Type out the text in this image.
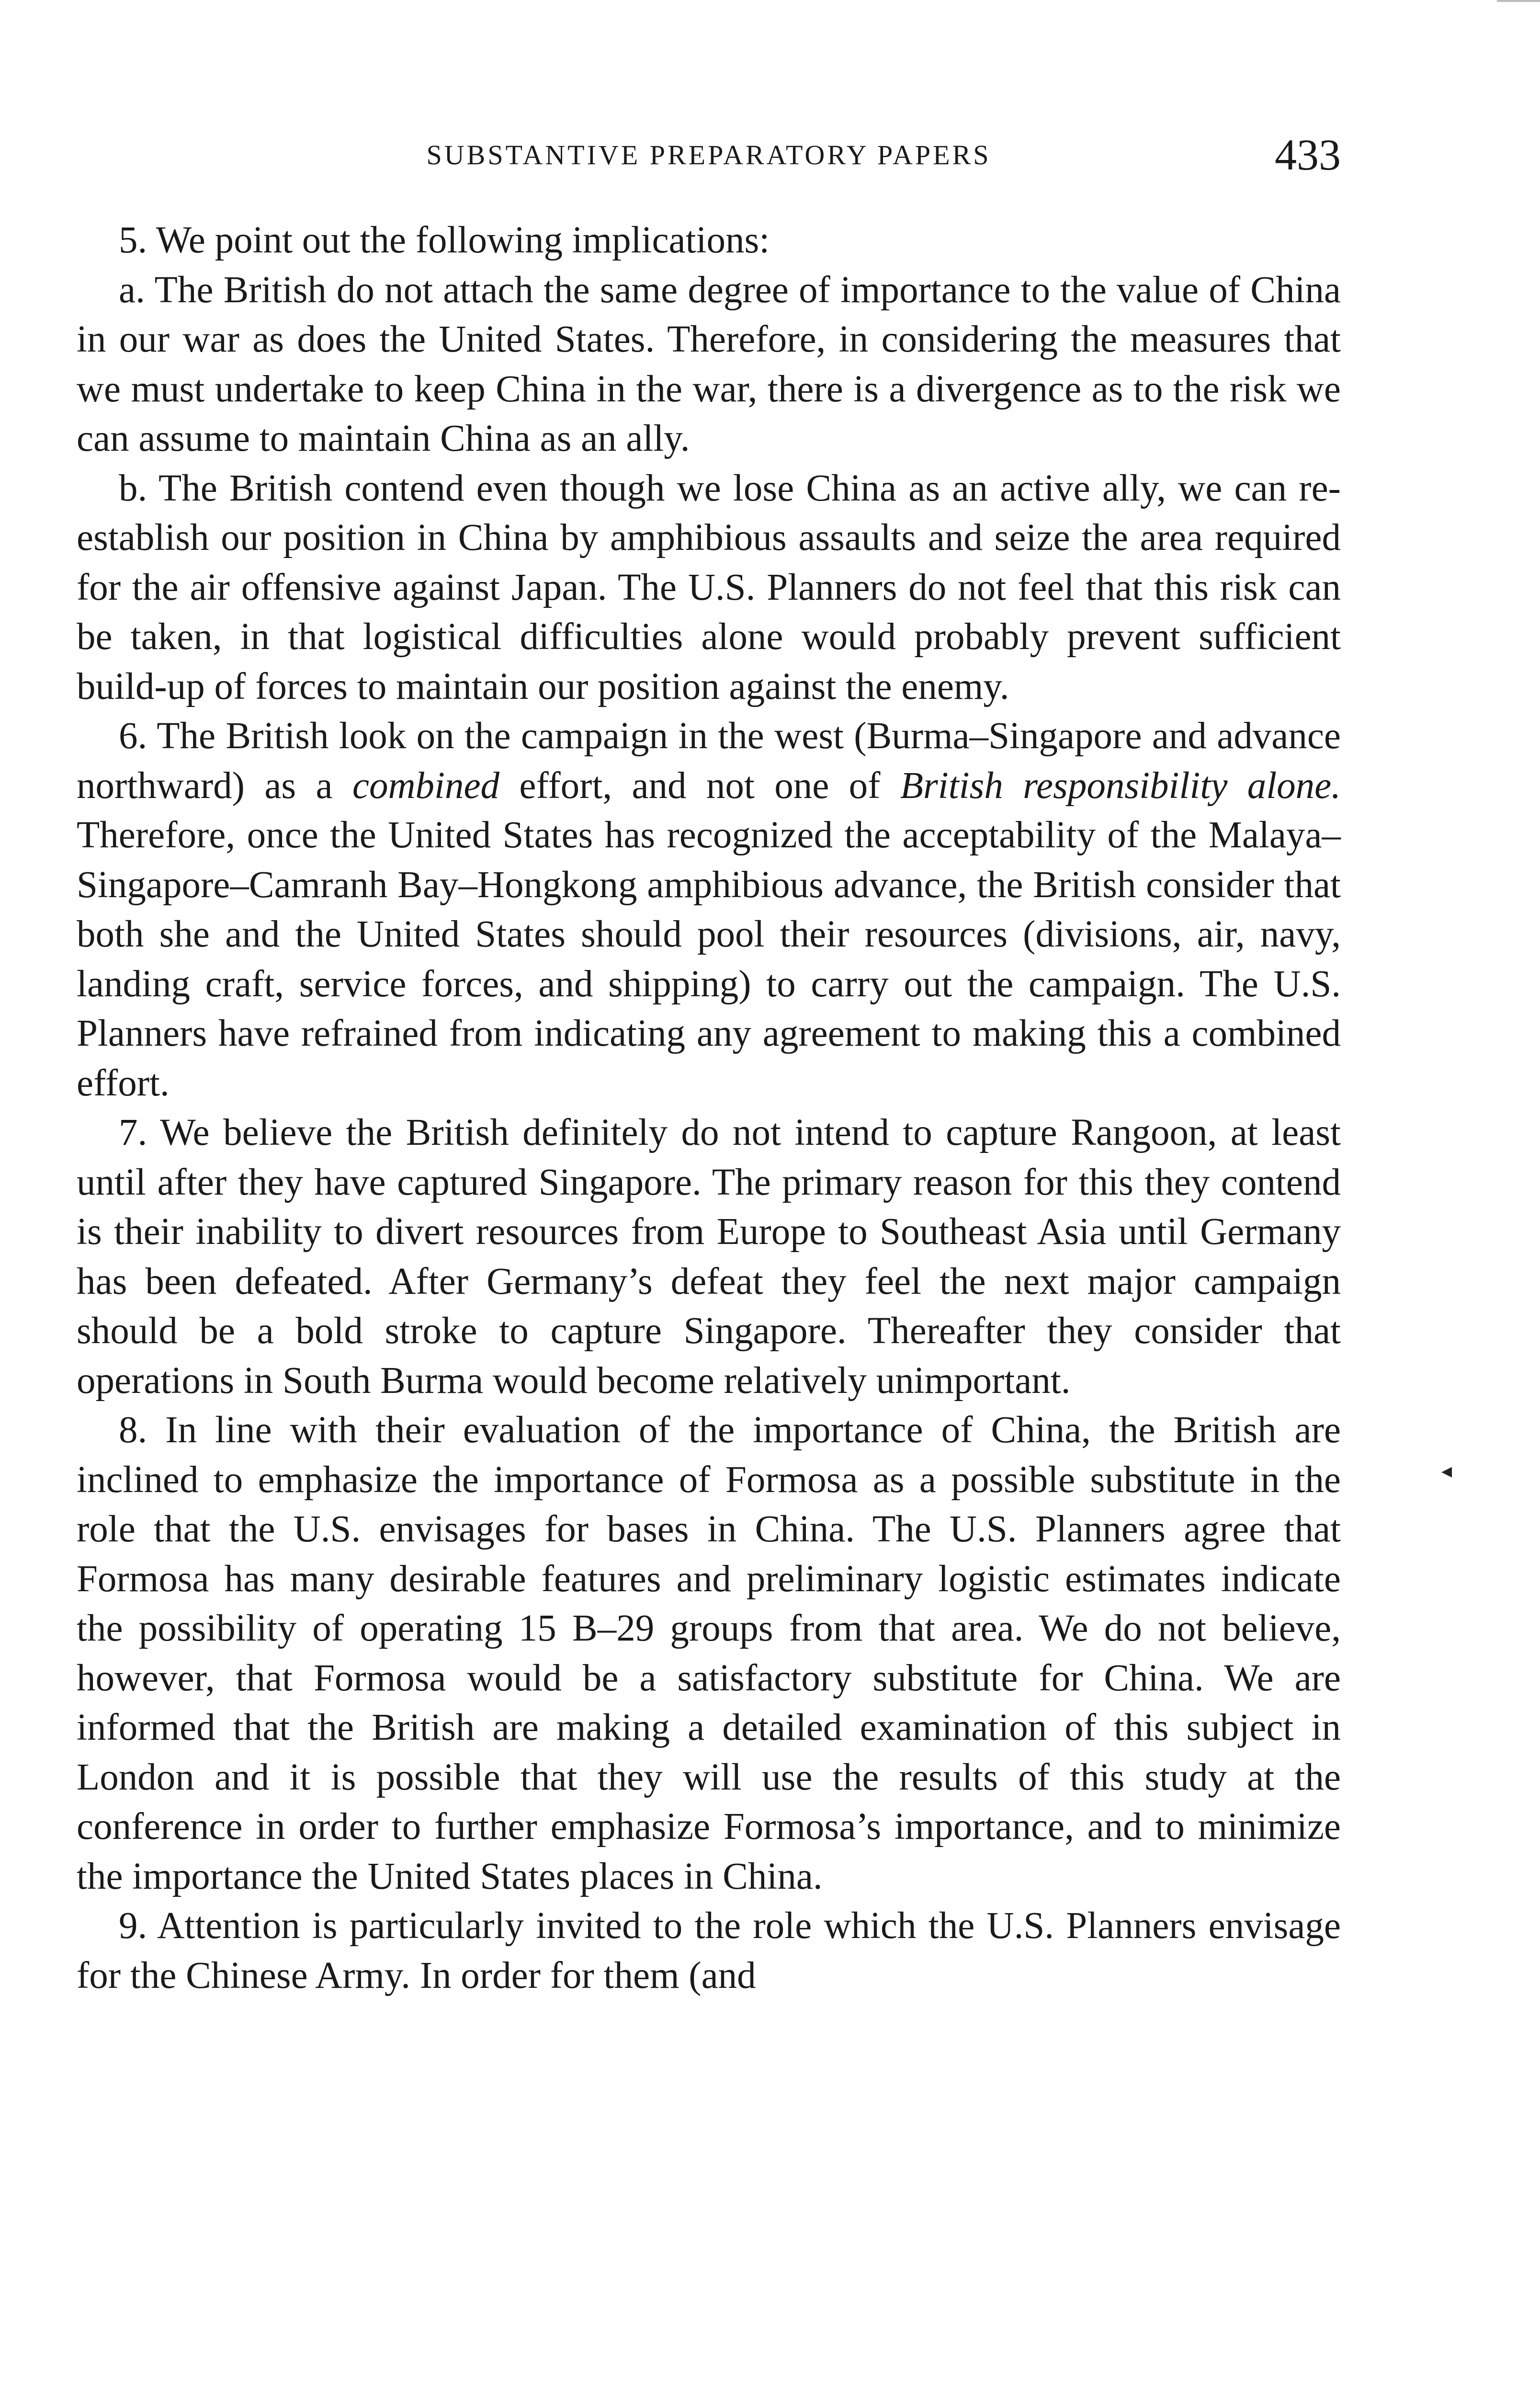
SUBSTANTIVE PREPARATORY PAPERS	433

5. We point out the following implications:

a. The British do not attach the same degree of importance to the value of China in our war as does the United States. Therefore, in considering the measures that we must undertake to keep China in the war, there is a divergence as to the risk we can assume to maintain China as an ally.

b. The British contend even though we lose China as an active ally, we can re-establish our position in China by amphibious assaults and seize the area required for the air offensive against Japan. The U.S. Planners do not feel that this risk can be taken, in that logistical difficulties alone would probably prevent sufficient build-up of forces to maintain our position against the enemy.

6. The British look on the campaign in the west (Burma–Singapore and advance northward) as a combined effort, and not one of British responsibility alone. Therefore, once the United States has recognized the acceptability of the Malaya–Singapore–Camranh Bay–Hongkong amphibious advance, the British consider that both she and the United States should pool their resources (divisions, air, navy, landing craft, service forces, and shipping) to carry out the campaign. The U.S. Planners have refrained from indicating any agreement to making this a combined effort.

7. We believe the British definitely do not intend to capture Rangoon, at least until after they have captured Singapore. The primary reason for this they contend is their inability to divert resources from Europe to Southeast Asia until Germany has been defeated. After Germany’s defeat they feel the next major campaign should be a bold stroke to capture Singapore. Thereafter they consider that operations in South Burma would become relatively unimportant.

8. In line with their evaluation of the importance of China, the British are inclined to emphasize the importance of Formosa as a possible substitute in the role that the U.S. envisages for bases in China. The U.S. Planners agree that Formosa has many desirable features and preliminary logistic estimates indicate the possibility of operating 15 B–29 groups from that area. We do not believe, however, that Formosa would be a satisfactory substitute for China. We are informed that the British are making a detailed examination of this subject in London and it is possible that they will use the results of this study at the conference in order to further emphasize Formosa’s importance, and to minimize the importance the United States places in China.

9. Attention is particularly invited to the role which the U.S. Planners envisage for the Chinese Army. In order for them (and

◂
